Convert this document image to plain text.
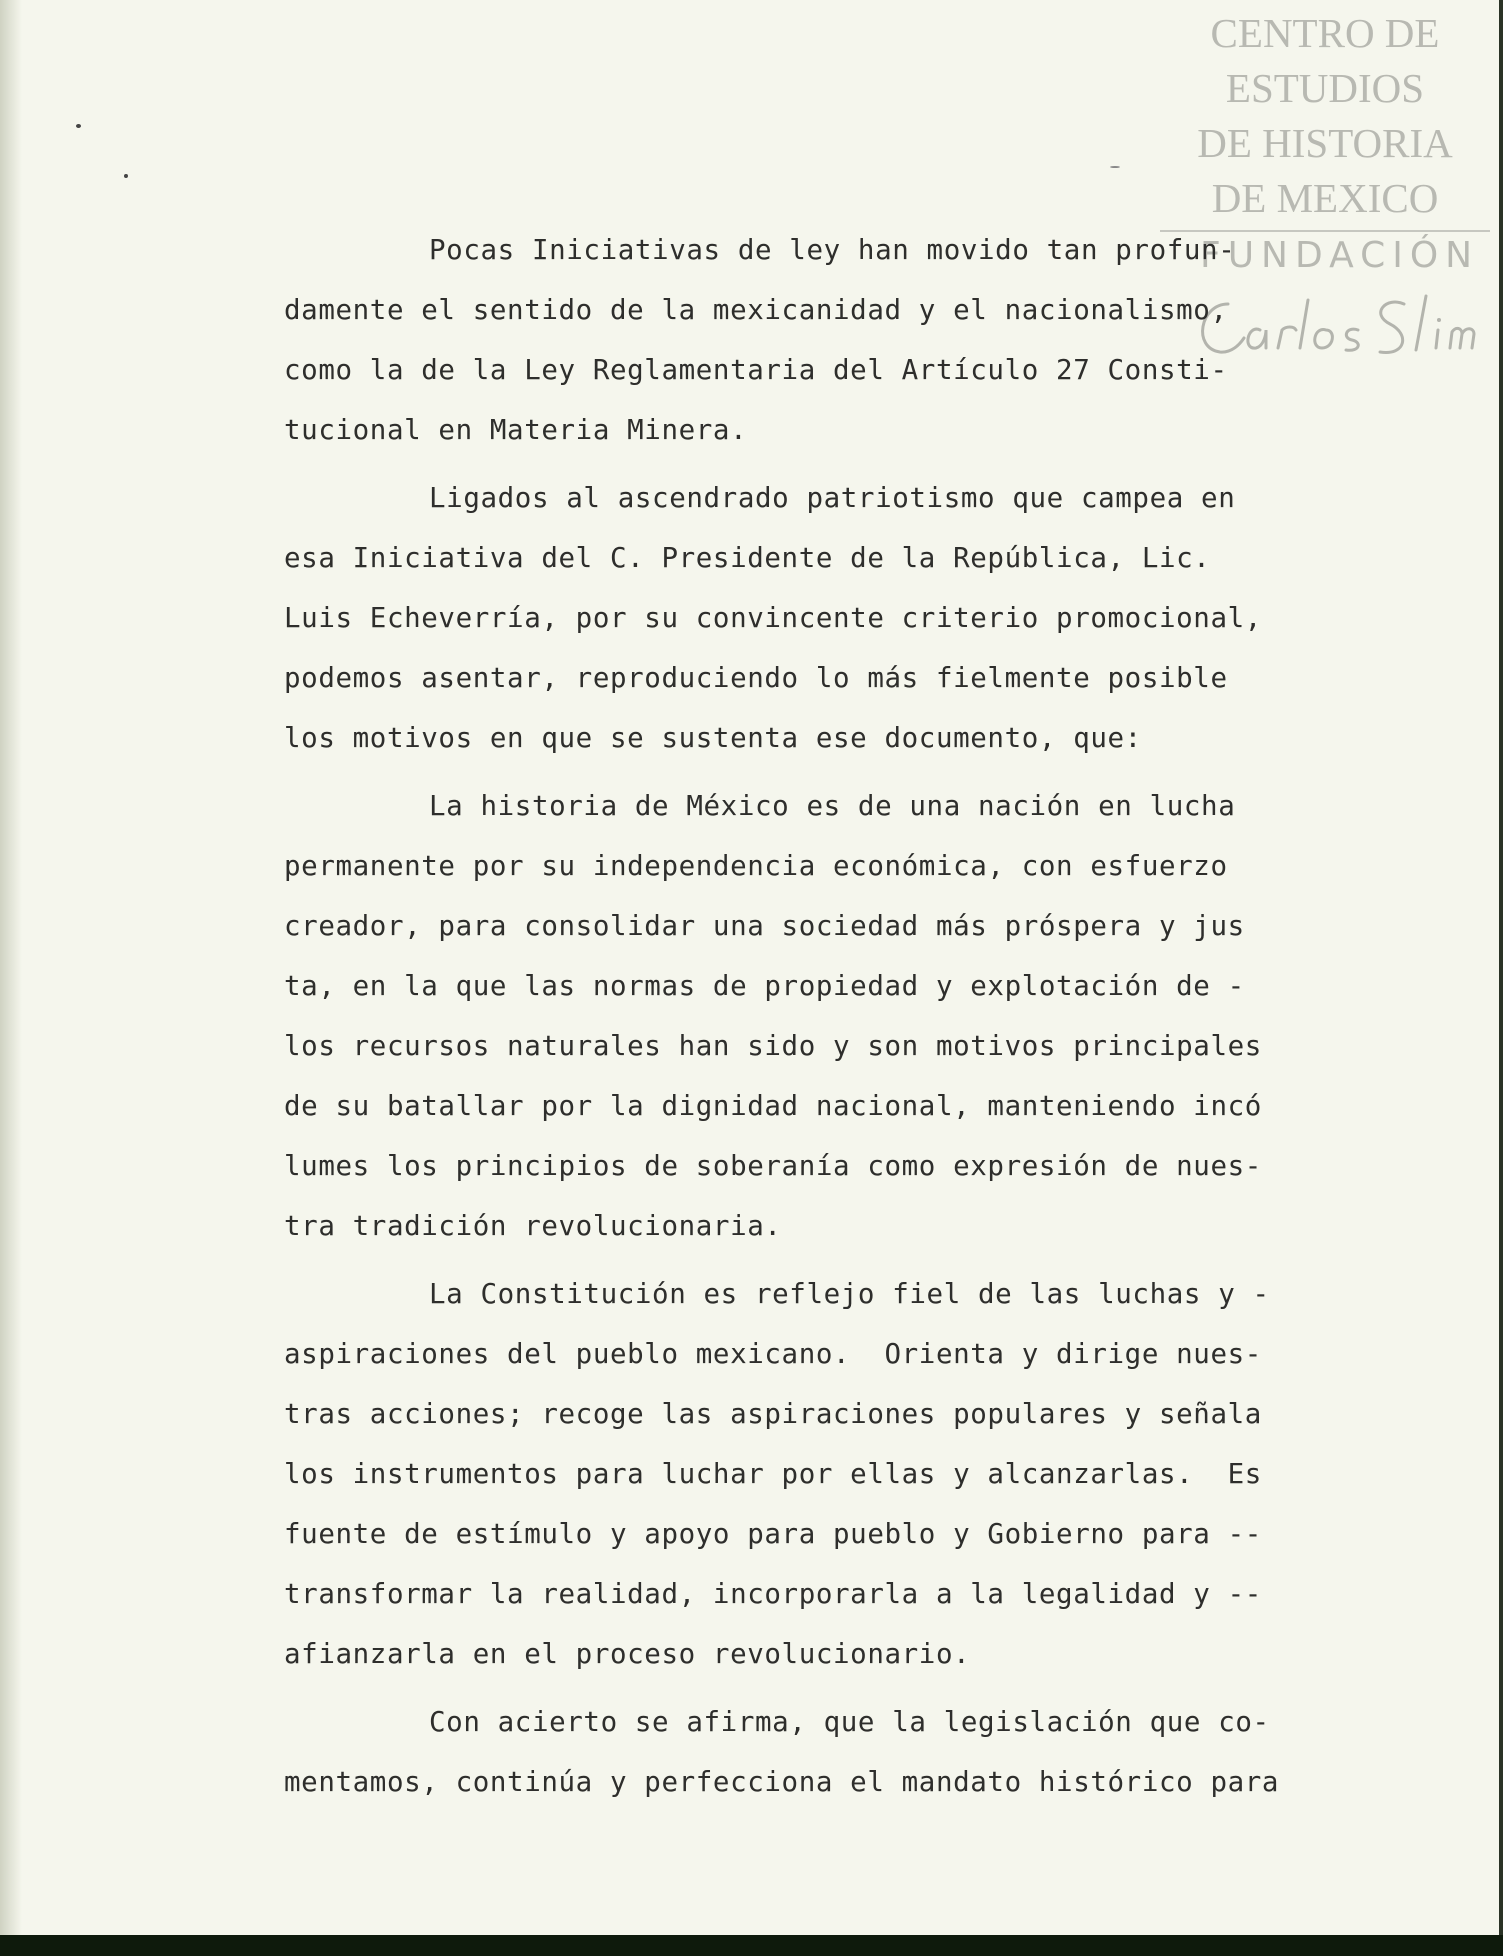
CENTRO DE
ESTUDIOS
DE HISTORIA
DE MEXICO
FUNDACIÓN
Pocas Iniciativas de ley han movido tan profun-
damente el sentido de la mexicanidad y el nacionalismo,
como la de la Ley Reglamentaria del Artículo 27 Consti-
tucional en Materia Minera.
Ligados al ascendrado patriotismo que campea en
esa Iniciativa del C. Presidente de la República, Lic.
Luis Echeverría, por su convincente criterio promocional,
podemos asentar, reproduciendo lo más fielmente posible
los motivos en que se sustenta ese documento, que:
La historia de México es de una nación en lucha
permanente por su independencia económica, con esfuerzo
creador, para consolidar una sociedad más próspera y jus
ta, en la que las normas de propiedad y explotación de -
los recursos naturales han sido y son motivos principales
de su batallar por la dignidad nacional, manteniendo incó
lumes los principios de soberanía como expresión de nues-
tra tradición revolucionaria.
La Constitución es reflejo fiel de las luchas y -
aspiraciones del pueblo mexicano.  Orienta y dirige nues-
tras acciones; recoge las aspiraciones populares y señala
los instrumentos para luchar por ellas y alcanzarlas.  Es
fuente de estímulo y apoyo para pueblo y Gobierno para --
transformar la realidad, incorporarla a la legalidad y --
afianzarla en el proceso revolucionario.
Con acierto se afirma, que la legislación que co-
mentamos, continúa y perfecciona el mandato histórico para
